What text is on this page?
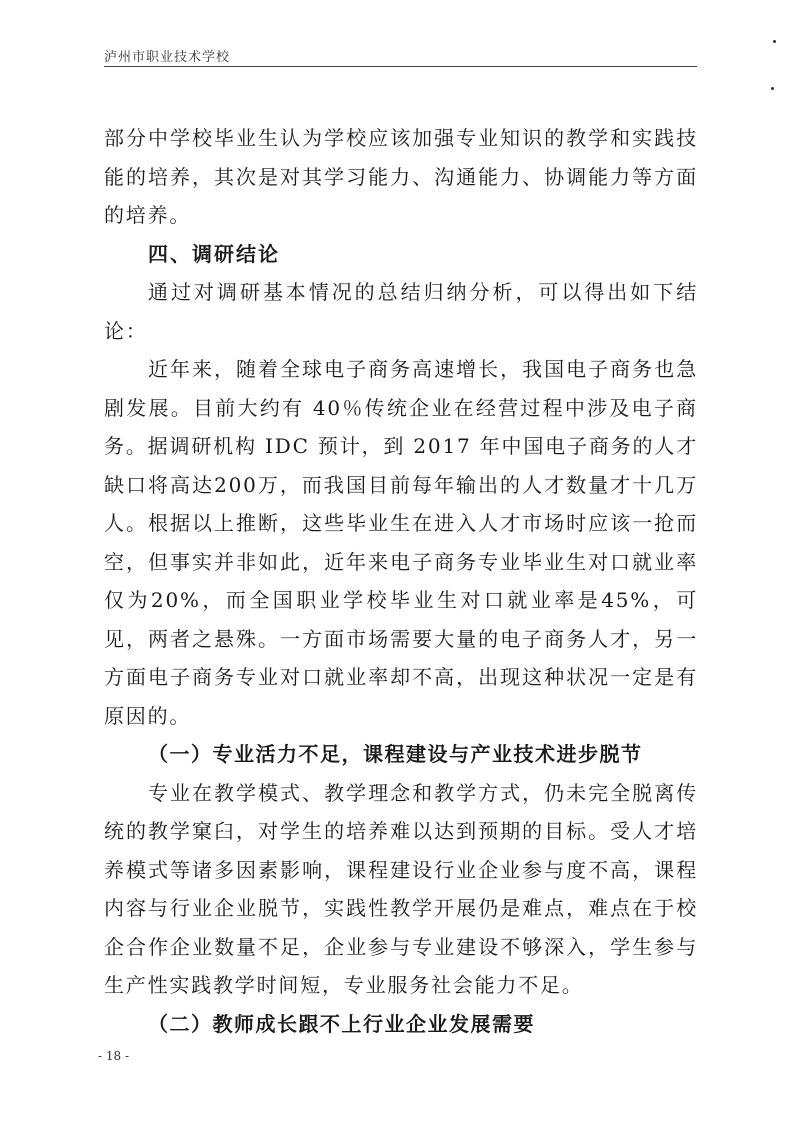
泸州市职业技术学校

部分中学校毕业生认为学校应该加强专业知识的教学和实践技能的培养，其次是对其学习能力、沟通能力、协调能力等方面的培养。

四、调研结论

通过对调研基本情况的总结归纳分析，可以得出如下结论：

近年来，随着全球电子商务高速增长，我国电子商务也急剧发展。目前大约有 40％传统企业在经营过程中涉及电子商务。据调研机构 IDC 预计，到 2017 年中国电子商务的人才缺口将高达200万，而我国目前每年输出的人才数量才十几万人。根据以上推断，这些毕业生在进入人才市场时应该一抢而空，但事实并非如此，近年来电子商务专业毕业生对口就业率仅为20%，而全国职业学校毕业生对口就业率是45%，可见，两者之悬殊。一方面市场需要大量的电子商务人才，另一方面电子商务专业对口就业率却不高，出现这种状况一定是有原因的。

（一）专业活力不足，课程建设与产业技术进步脱节

专业在教学模式、教学理念和教学方式，仍未完全脱离传统的教学窠臼，对学生的培养难以达到预期的目标。受人才培养模式等诸多因素影响，课程建设行业企业参与度不高，课程内容与行业企业脱节，实践性教学开展仍是难点，难点在于校企合作企业数量不足，企业参与专业建设不够深入，学生参与生产性实践教学时间短，专业服务社会能力不足。

（二）教师成长跟不上行业企业发展需要

- 18 -
